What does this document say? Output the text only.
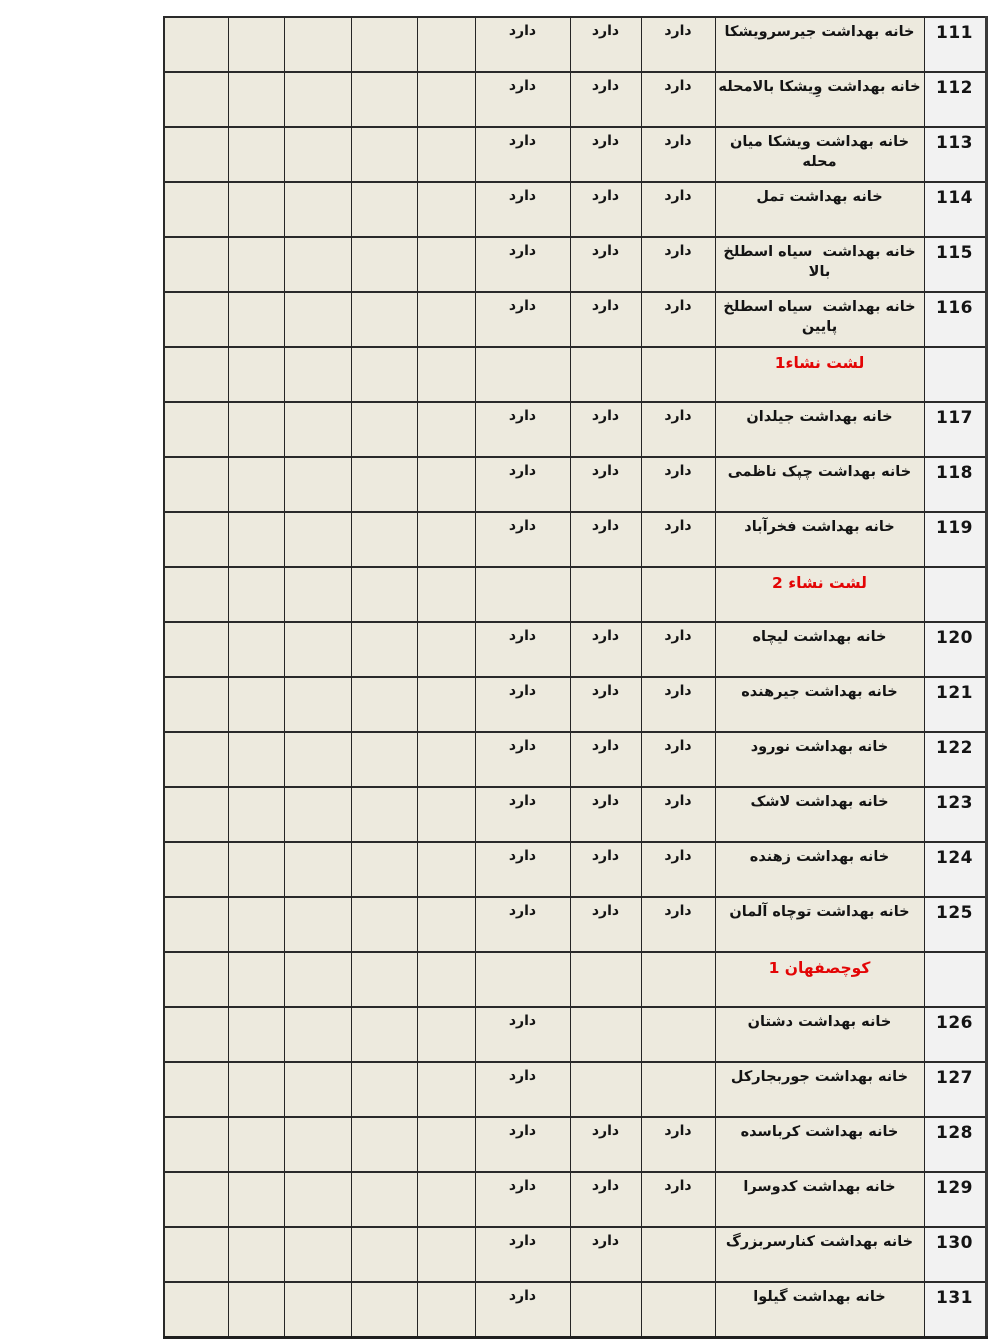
111	خانه بهداشت جیرسرویشکا	دارد	دارد	دارد					
112	خانه بهداشت وِیشکا بالامحله	دارد	دارد	دارد					
113	خانه بهداشت ویشکا میان محله	دارد	دارد	دارد					
114	خانه بهداشت تمل	دارد	دارد	دارد					
115	خانه بهداشت  سیاه اسطلخ بالا	دارد	دارد	دارد					
116	خانه بهداشت  سیاه اسطلخ پایین	دارد	دارد	دارد					
	لشت نشاء1								
117	خانه بهداشت جیلدان	دارد	دارد	دارد					
118	خانه بهداشت چپک ناظمی	دارد	دارد	دارد					
119	خانه بهداشت فخرآباد	دارد	دارد	دارد					
	لشت نشاء 2								
120	خانه بهداشت لیچاه	دارد	دارد	دارد					
121	خانه بهداشت جیرهنده	دارد	دارد	دارد					
122	خانه بهداشت نورود	دارد	دارد	دارد					
123	خانه بهداشت لاشک	دارد	دارد	دارد					
124	خانه بهداشت زهنده	دارد	دارد	دارد					
125	خانه بهداشت توچاه آلمان	دارد	دارد	دارد					
	کوچصفهان 1								
126	خانه بهداشت دشتان			دارد					
127	خانه بهداشت جوربجارکل			دارد					
128	خانه بهداشت کرباسده	دارد	دارد	دارد					
129	خانه بهداشت کدوسرا	دارد	دارد	دارد					
130	خانه بهداشت کنارسربزرگ		دارد	دارد					
131	خانه بهداشت گیلوا			دارد					
